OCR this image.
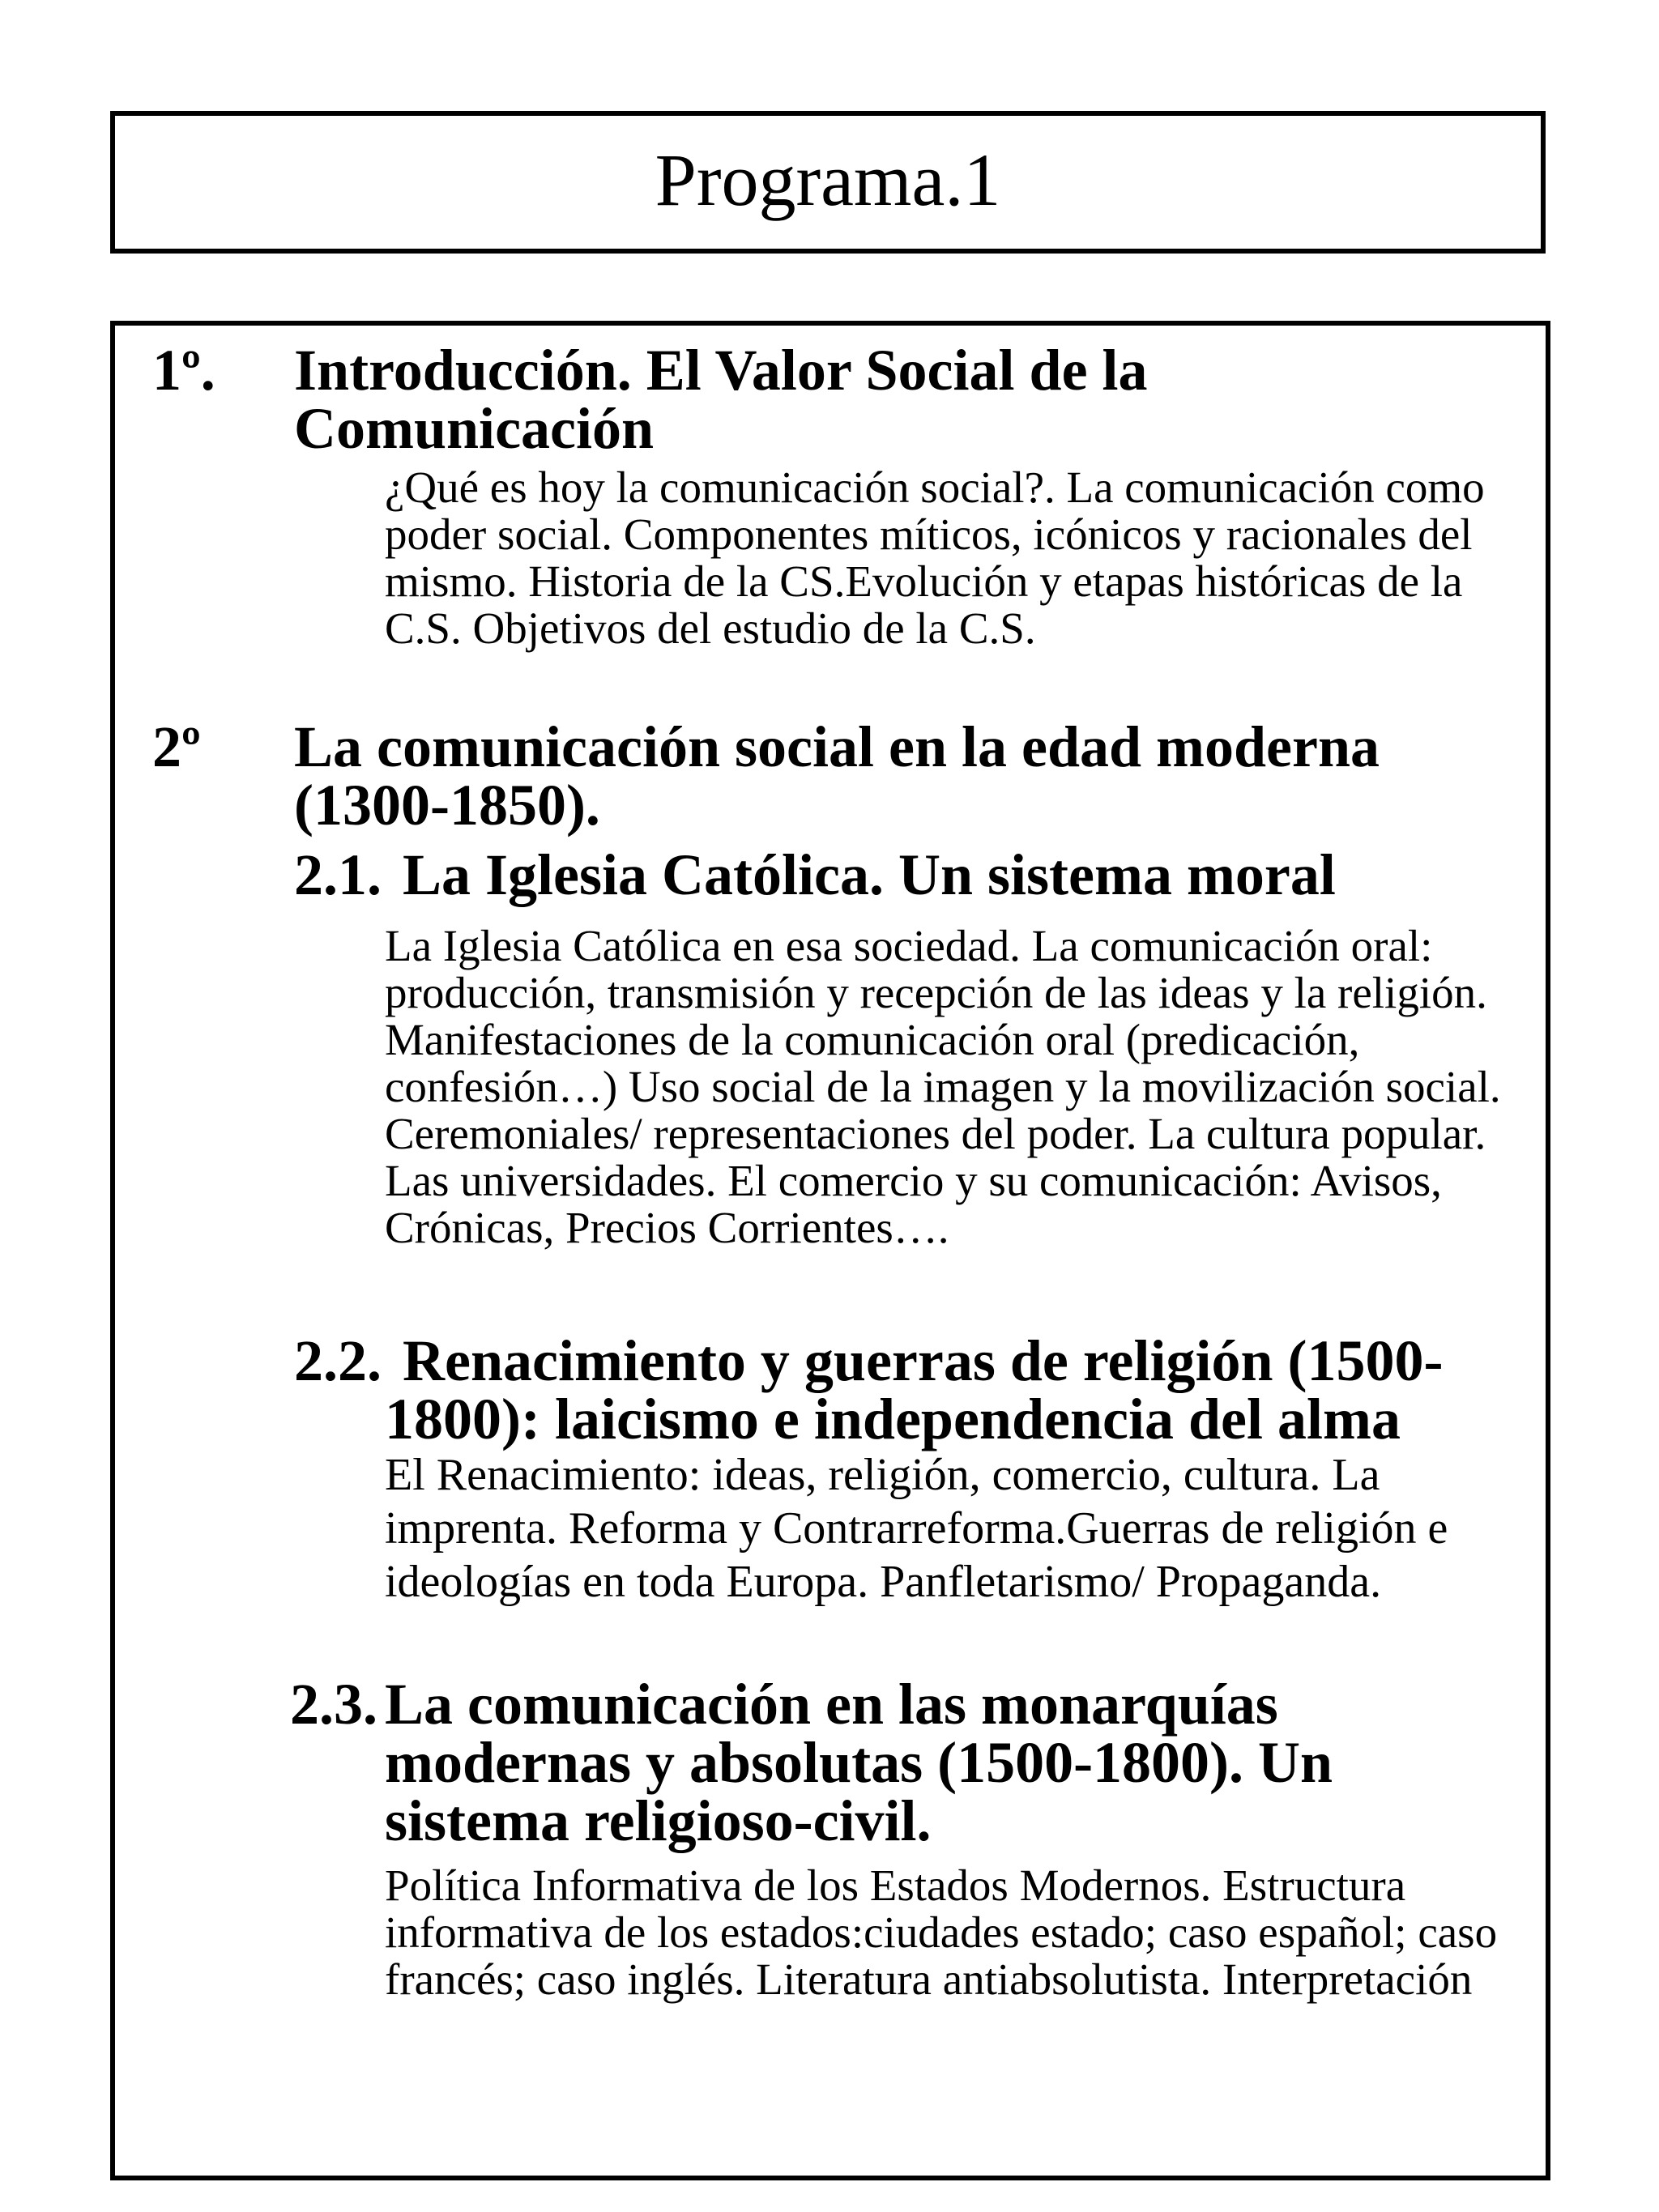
Programa.1
1º. Introducción. El Valor Social de la Comunicación
¿Qué es hoy la comunicación social?. La comunicación como poder social. Componentes míticos, icónicos y racionales del mismo. Historia de la CS.Evolución y etapas históricas de la C.S. Objetivos del estudio de la C.S.
2º La comunicación social en la edad moderna (1300-1850).
2.1. La Iglesia Católica. Un sistema moral
La Iglesia Católica en esa sociedad. La comunicación oral: producción, transmisión y recepción de las ideas y la religión. Manifestaciones de la comunicación oral (predicación, confesión…) Uso social de la imagen y la movilización social. Ceremoniales/ representaciones del poder. La cultura popular. Las universidades. El comercio y su comunicación: Avisos, Crónicas, Precios Corrientes….
2.2. Renacimiento y guerras de religión (1500-1800): laicismo e independencia del alma
El Renacimiento: ideas, religión, comercio, cultura. La imprenta. Reforma y Contrarreforma.Guerras de religión e ideologías en toda Europa. Panfletarismo/ Propaganda.
2.3. La comunicación en las monarquías modernas y absolutas (1500-1800). Un sistema religioso-civil.
Política Informativa de los Estados Modernos. Estructura informativa de los estados:ciudades estado; caso español; caso francés; caso inglés. Literatura antiabsolutista. Interpretación
